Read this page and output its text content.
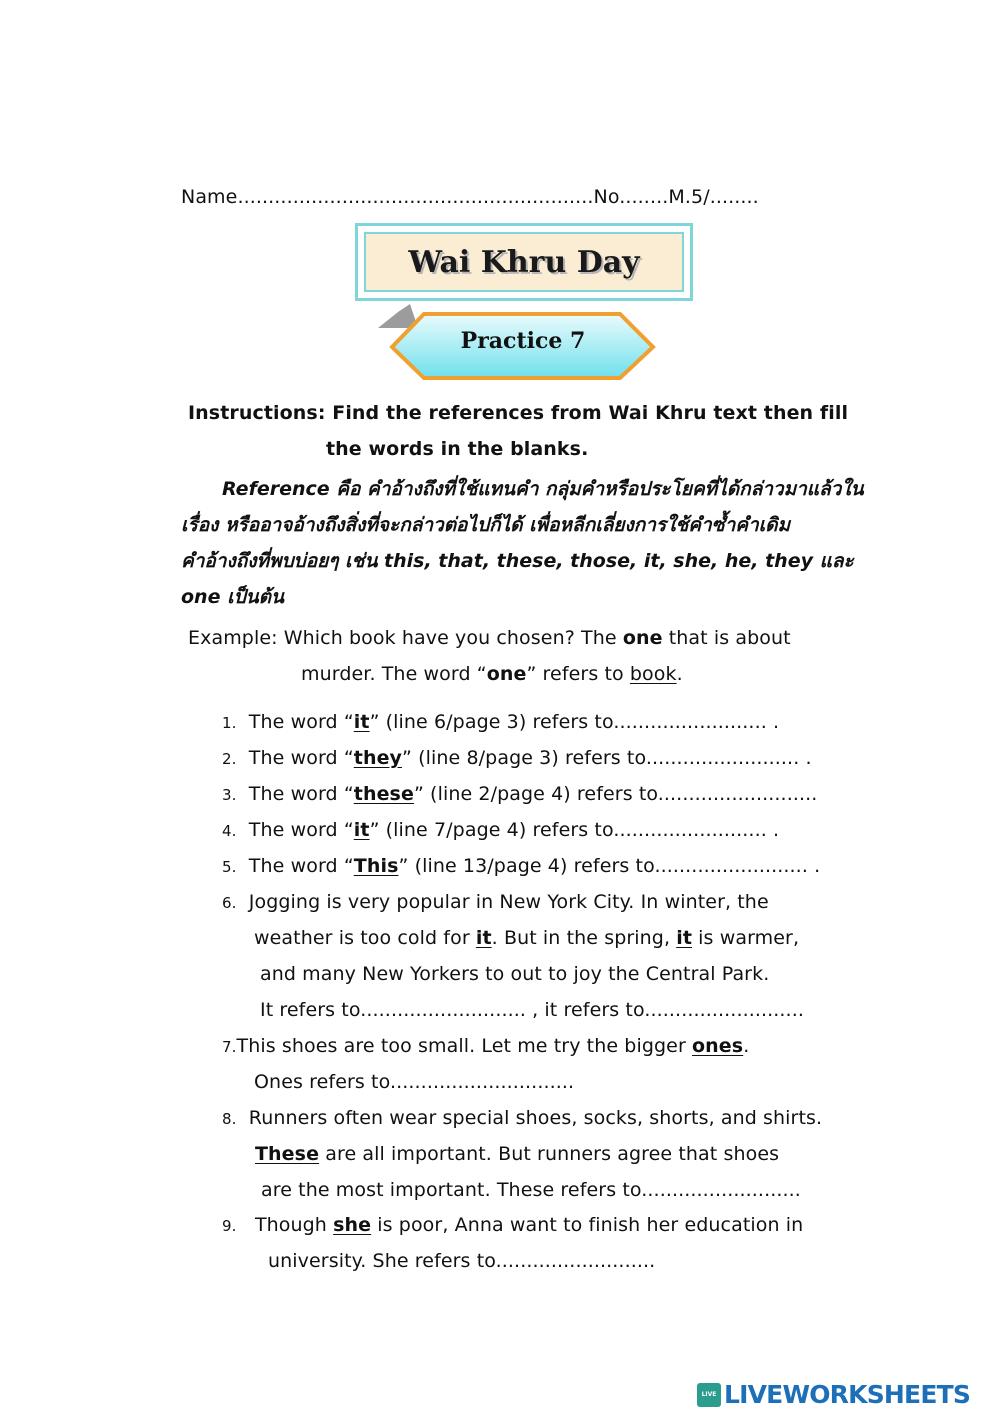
Name..........................................................No........M.5/........
Wai Khru Day
Practice 7
Instructions: Find the references from Wai Khru text then fill
the words in the blanks.
Reference คือ คำอ้างถึงที่ใช้แทนคำ กลุ่มคำหรือประโยคที่ได้กล่าวมาแล้วใน
เรื่อง หรืออาจอ้างถึงสิ่งที่จะกล่าวต่อไปก็ได้ เพื่อหลีกเลี่ยงการใช้คำซ้ำคำเดิม
คำอ้างถึงที่พบบ่อยๆ เช่น this, that, these, those, it, she, he, they และ
one เป็นต้น
Example: Which book have you chosen? The one that is about
murder. The word “one” refers to book.
1. The word “it” (line 6/page 3) refers to......................... .
2. The word “they” (line 8/page 3) refers to......................... .
3. The word “these” (line 2/page 4) refers to..........................
4. The word “it” (line 7/page 4) refers to......................... .
5. The word “This” (line 13/page 4) refers to......................... .
6. Jogging is very popular in New York City. In winter, the
weather is too cold for it. But in the spring, it is warmer,
and many New Yorkers to out to joy the Central Park.
It refers to........................... , it refers to..........................
7.This shoes are too small. Let me try the bigger ones.
Ones refers to..............................
8. Runners often wear special shoes, socks, shorts, and shirts.
These are all important. But runners agree that shoes
are the most important. These refers to..........................
9. Though she is poor, Anna want to finish her education in
university. She refers to..........................
LIVE LIVEWORKSHEETS
